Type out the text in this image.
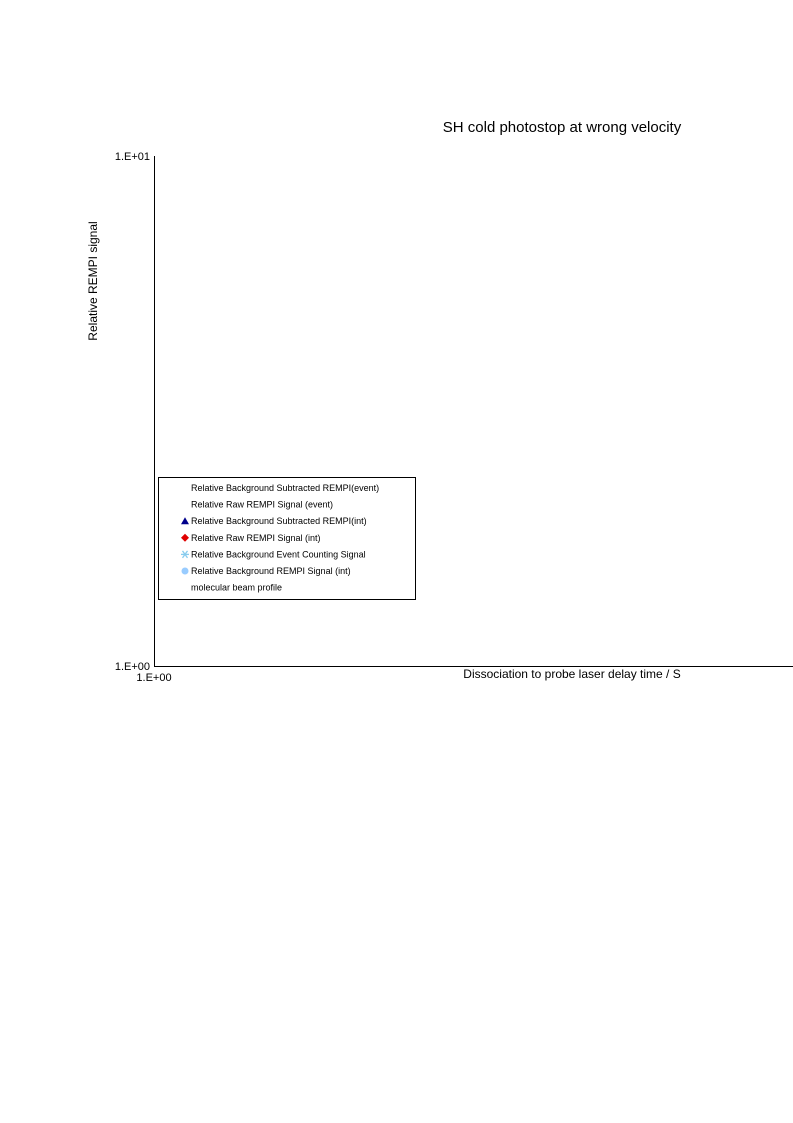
SH cold photostop at wrong velocity
Relative REMPI signal
Dissociation to probe laser delay time / S
1.E+00
1.E+01
1.E+00
Relative Background Subtracted REMPI(event)
Relative Raw REMPI Signal (event)
Relative Background Subtracted REMPI(int)
Relative Raw REMPI Signal (int)
Relative Background Event Counting Signal
Relative Background REMPI Signal (int)
molecular beam profile
